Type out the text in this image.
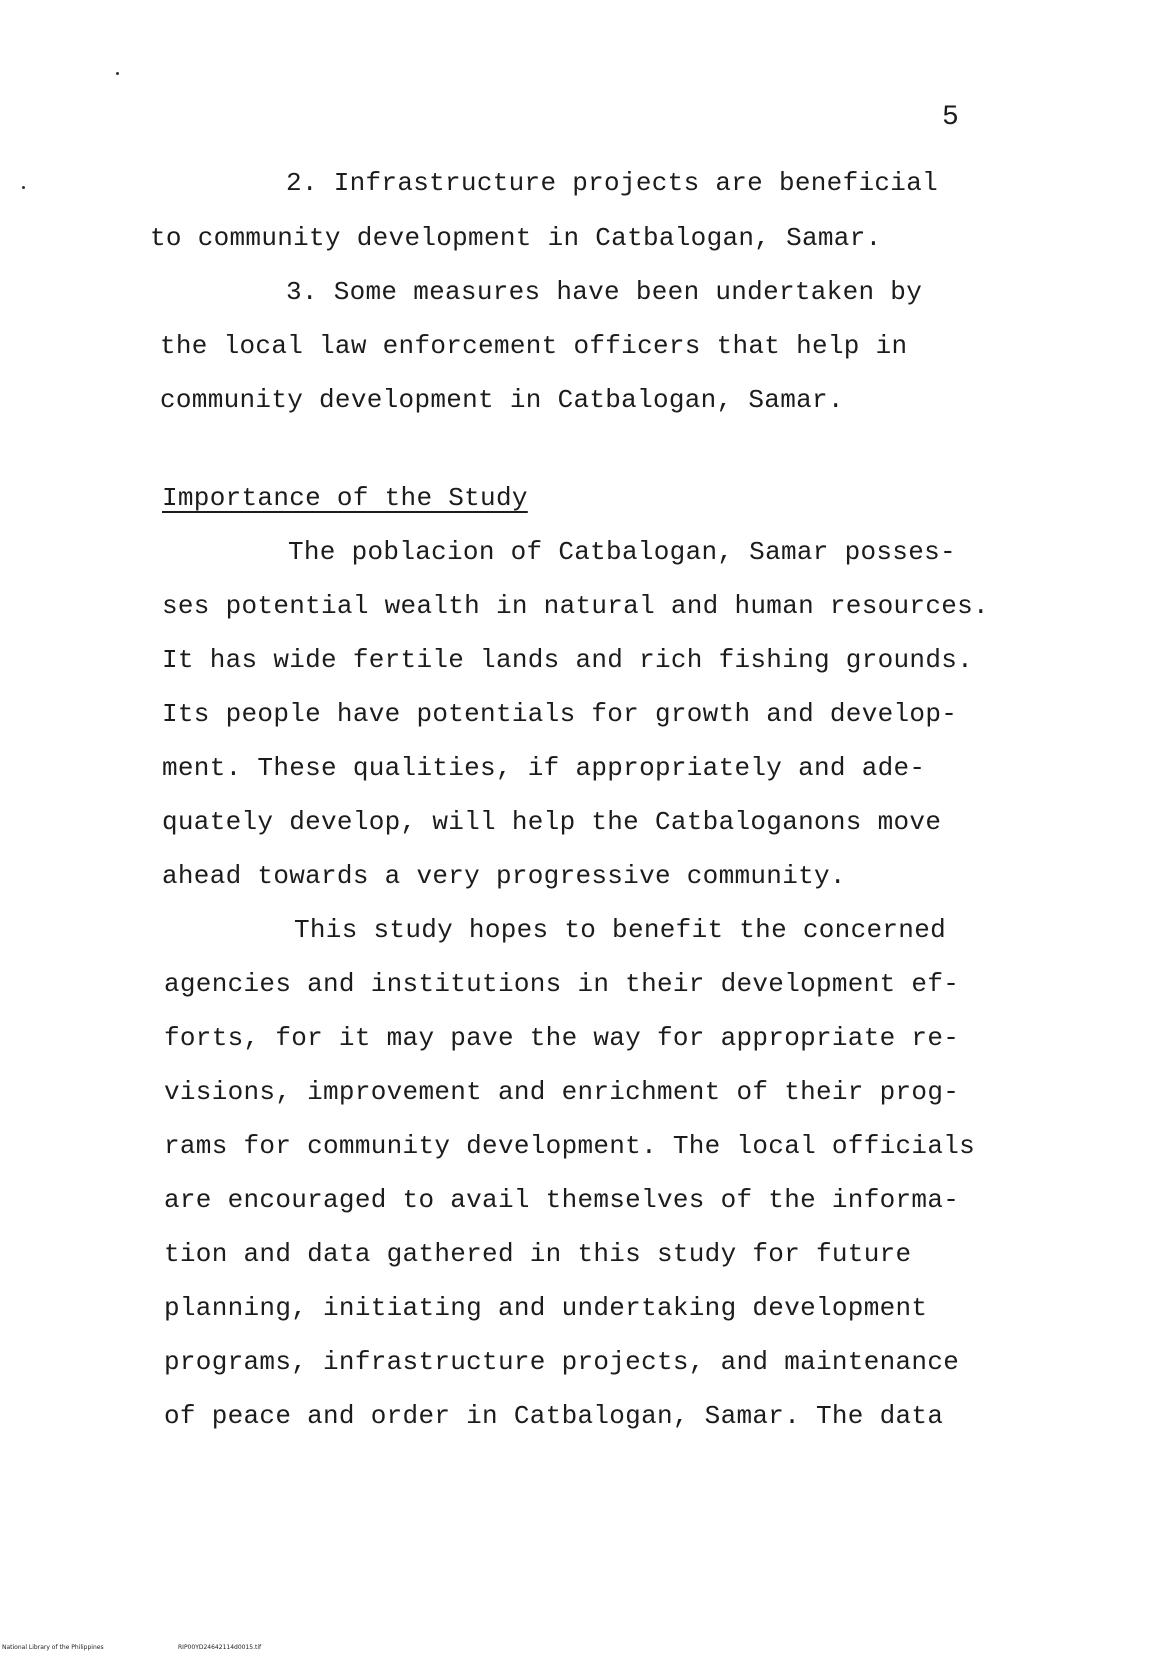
5
2. Infrastructure projects are beneficial
to community development in Catbalogan, Samar.
3. Some measures have been undertaken by
the local law enforcement officers that help in
community development in Catbalogan, Samar.
Importance of the Study
The poblacion of Catbalogan, Samar posses-
ses potential wealth in natural and human resources.
It has wide fertile lands and rich fishing grounds.
Its people have potentials for growth and develop-
ment. These qualities, if appropriately and ade-
quately develop, will help the Catbaloganons move
ahead towards a very progressive community.
This study hopes to benefit the concerned
agencies and institutions in their development ef-
forts, for it may pave the way for appropriate re-
visions, improvement and enrichment of their prog-
rams for community development. The local officials
are encouraged to avail themselves of the informa-
tion and data gathered in this study for future
planning, initiating and undertaking development
programs, infrastructure projects, and maintenance
of peace and order in Catbalogan, Samar. The data
National Library of the Philippines	RIP00YD24642114d0015.tif
